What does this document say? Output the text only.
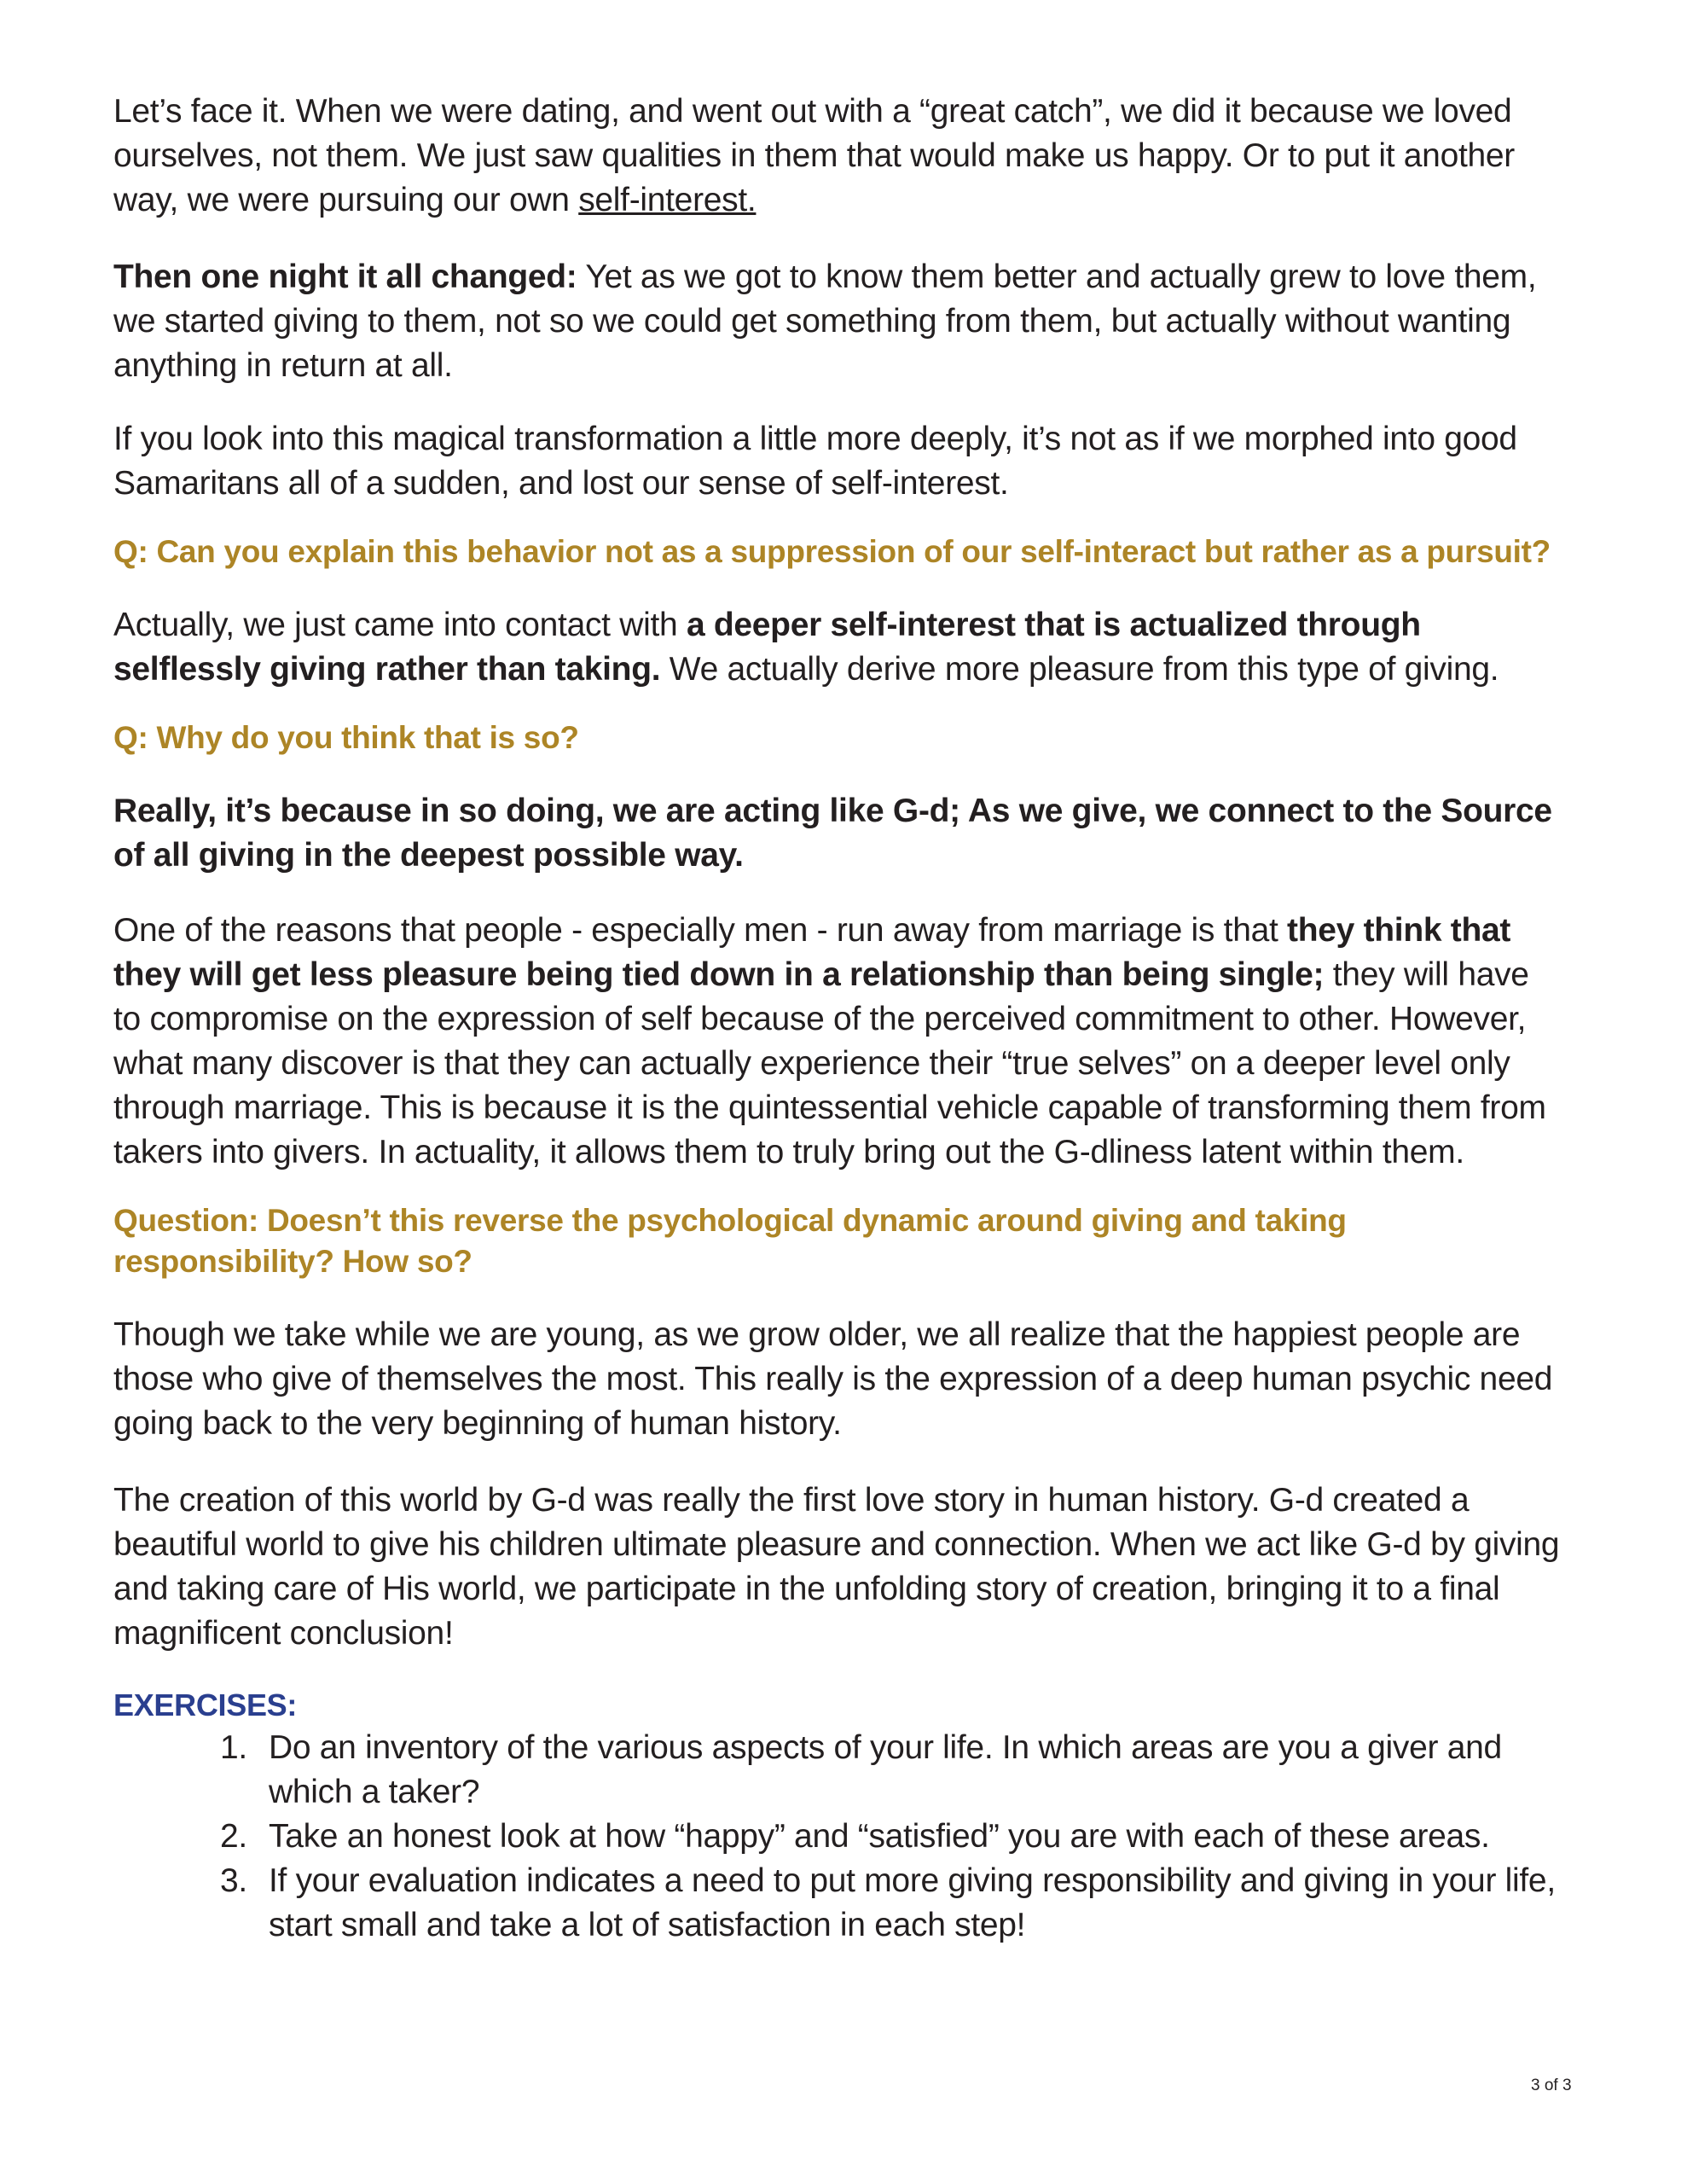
Let’s face it. When we were dating, and went out with a “great catch”, we did it because we loved ourselves, not them. We just saw qualities in them that would make us happy. Or to put it another way, we were pursuing our own self-interest.

Then one night it all changed: Yet as we got to know them better and actually grew to love them, we started giving to them, not so we could get something from them, but actually without wanting anything in return at all.

If you look into this magical transformation a little more deeply, it’s not as if we morphed into good Samaritans all of a sudden, and lost our sense of self-interest.

Q: Can you explain this behavior not as a suppression of our self-interact but rather as a pursuit?

Actually, we just came into contact with a deeper self-interest that is actualized through selflessly giving rather than taking. We actually derive more pleasure from this type of giving.

Q: Why do you think that is so?

Really, it’s because in so doing, we are acting like G-d; As we give, we connect to the Source of all giving in the deepest possible way.

One of the reasons that people - especially men - run away from marriage is that they think that they will get less pleasure being tied down in a relationship than being single; they will have to compromise on the expression of self because of the perceived commitment to other. However, what many discover is that they can actually experience their “true selves” on a deeper level only through marriage. This is because it is the quintessential vehicle capable of transforming them from takers into givers. In actuality, it allows them to truly bring out the G-dliness latent within them.

Question: Doesn’t this reverse the psychological dynamic around giving and taking responsibility? How so?

Though we take while we are young, as we grow older, we all realize that the happiest people are those who give of themselves the most. This really is the expression of a deep human psychic need going back to the very beginning of human history.

The creation of this world by G-d was really the first love story in human history. G-d created a beautiful world to give his children ultimate pleasure and connection. When we act like G-d by giving and taking care of His world, we participate in the unfolding story of creation, bringing it to a final magnificent conclusion!

EXERCISES:

1. Do an inventory of the various aspects of your life. In which areas are you a giver and which a taker?
2. Take an honest look at how “happy” and “satisfied” you are with each of these areas.
3. If your evaluation indicates a need to put more giving responsibility and giving in your life, start small and take a lot of satisfaction in each step!
3 of 3
